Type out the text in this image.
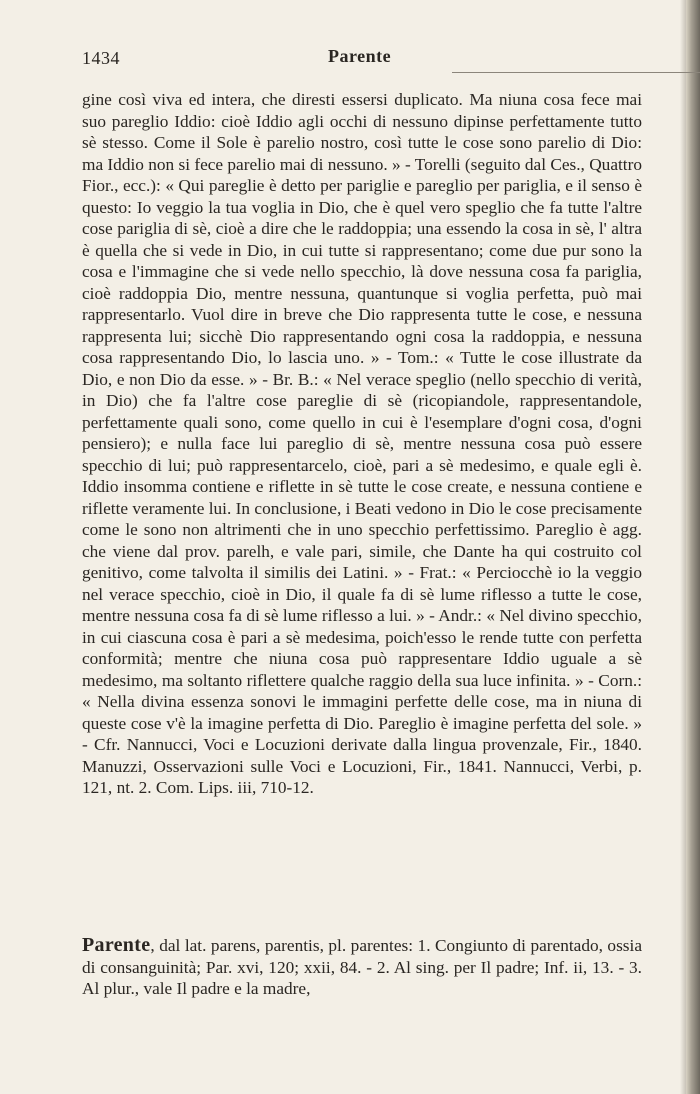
1434	Parente

gine così viva ed intera, che diresti essersi duplicato. Ma niuna cosa fece mai suo pareglio Iddio: cioè Iddio agli occhi di nessuno dipinse perfettamente tutto sè stesso. Come il Sole è parelio nostro, così tutte le cose sono parelio di Dio: ma Iddio non si fece parelio mai di nessuno. » - Torelli (seguito dal Ces., Quattro Fior., ecc.): « Qui pareglie è detto per pariglie e pareglio per pariglia, e il senso è questo: Io veggio la tua voglia in Dio, che è quel vero speglio che fa tutte l'altre cose pariglia di sè, cioè a dire che le raddoppia; una essendo la cosa in sè, l' altra è quella che si vede in Dio, in cui tutte si rappresentano; come due pur sono la cosa e l'immagine che si vede nello specchio, là dove nessuna cosa fa pariglia, cioè raddoppia Dio, mentre nessuna, quantunque si voglia perfetta, può mai rappresentarlo. Vuol dire in breve che Dio rappresenta tutte le cose, e nessuna rappresenta lui; sicchè Dio rappresentando ogni cosa la raddoppia, e nessuna cosa rappresentando Dio, lo lascia uno. » - Tom.: « Tutte le cose illustrate da Dio, e non Dio da esse. » - Br. B.: « Nel verace speglio (nello specchio di verità, in Dio) che fa l'altre cose pareglie di sè (ricopiandole, rappresentandole, perfettamente quali sono, come quello in cui è l'esemplare d'ogni cosa, d'ogni pensiero); e nulla face lui pareglio di sè, mentre nessuna cosa può essere specchio di lui; può rappresentarcelo, cioè, pari a sè medesimo, e quale egli è. Iddio insomma contiene e riflette in sè tutte le cose create, e nessuna contiene e riflette veramente lui. In conclusione, i Beati vedono in Dio le cose precisamente come le sono non altrimenti che in uno specchio perfettissimo. Pareglio è agg. che viene dal prov. parelh, e vale pari, simile, che Dante ha qui costruito col genitivo, come talvolta il similis dei Latini. » - Frat.: « Perciocchè io la veggio nel verace specchio, cioè in Dio, il quale fa di sè lume riflesso a tutte le cose, mentre nessuna cosa fa di sè lume riflesso a lui. » - Andr.: « Nel divino specchio, in cui ciascuna cosa è pari a sè medesima, poich'esso le rende tutte con perfetta conformità; mentre che niuna cosa può rappresentare Iddio uguale a sè medesimo, ma soltanto riflettere qualche raggio della sua luce infinita. » - Corn.: « Nella divina essenza sonovi le immagini perfette delle cose, ma in niuna di queste cose v'è la imagine perfetta di Dio. Pareglio è imagine perfetta del sole. » - Cfr. Nannucci, Voci e Locuzioni derivate dalla lingua provenzale, Fir., 1840. Manuzzi, Osservazioni sulle Voci e Locuzioni, Fir., 1841. Nannucci, Verbi, p. 121, nt. 2. Com. Lips. iii, 710-12.

Parente, dal lat. parens, parentis, pl. parentes: 1. Congiunto di parentado, ossia di consanguinità; Par. xvi, 120; xxii, 84. - 2. Al sing. per Il padre; Inf. ii, 13. - 3. Al plur., vale Il padre e la madre,
